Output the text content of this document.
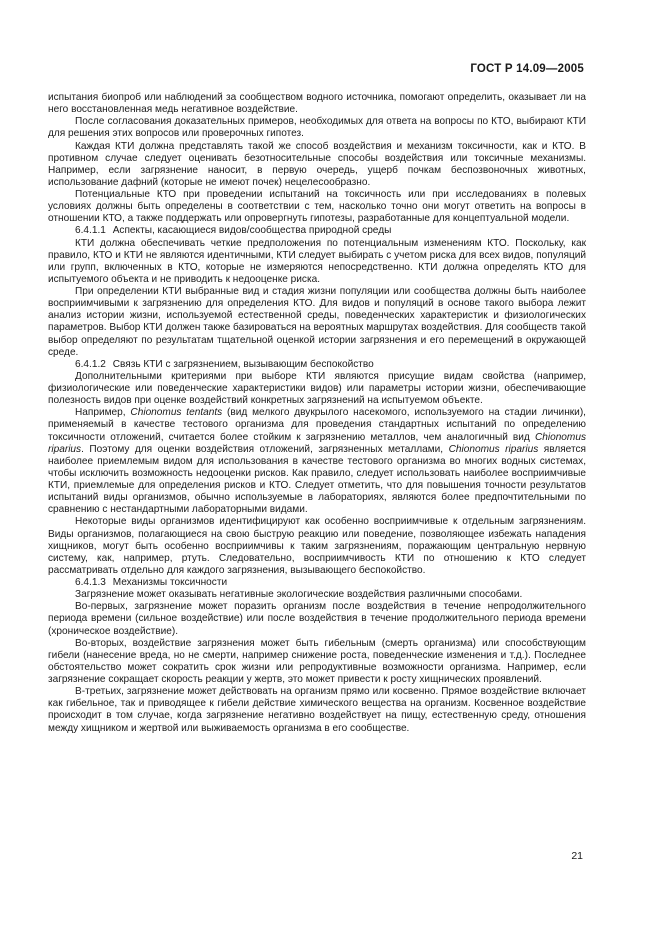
ГОСТ Р 14.09—2005

испытания биопроб или наблюдений за сообществом водного источника, помогают определить, оказывает ли на него восстановленная медь негативное воздействие.

После согласования доказательных примеров, необходимых для ответа на вопросы по КТО, выбирают КТИ для решения этих вопросов или проверочных гипотез.

Каждая КТИ должна представлять такой же способ воздействия и механизм токсичности, как и КТО. В противном случае следует оценивать безотносительные способы воздействия или токсичные механизмы. Например, если загрязнение наносит, в первую очередь, ущерб почкам беспозвоночных животных, использование дафний (которые не имеют почек) нецелесообразно.

Потенциальные КТО при проведении испытаний на токсичность или при исследованиях в полевых условиях должны быть определены в соответствии с тем, насколько точно они могут ответить на вопросы в отношении КТО, а также поддержать или опровергнуть гипотезы, разработанные для концептуальной модели.

6.4.1.1 Аспекты, касающиеся видов/сообщества природной среды

КТИ должна обеспечивать четкие предположения по потенциальным изменениям КТО. Поскольку, как правило, КТО и КТИ не являются идентичными, КТИ следует выбирать с учетом риска для всех видов, популяций или групп, включенных в КТО, которые не измеряются непосредственно. КТИ должна определять КТО для испытуемого объекта и не приводить к недооценке риска.

При определении КТИ выбранные вид и стадия жизни популяции или сообщества должны быть наиболее восприимчивыми к загрязнению для определения КТО. Для видов и популяций в основе такого выбора лежит анализ истории жизни, используемой естественной среды, поведенческих характеристик и физиологических параметров. Выбор КТИ должен также базироваться на вероятных маршрутах воздействия. Для сообществ такой выбор определяют по результатам тщательной оценкой истории загрязнения и его перемещений в окружающей среде.

6.4.1.2 Связь КТИ с загрязнением, вызывающим беспокойство

Дополнительными критериями при выборе КТИ являются присущие видам свойства (например, физиологические или поведенческие характеристики видов) или параметры истории жизни, обеспечивающие полезность видов при оценке воздействий конкретных загрязнений на испытуемом объекте.

Например, Chionomus tentants (вид мелкого двукрылого насекомого, используемого на стадии личинки), применяемый в качестве тестового организма для проведения стандартных испытаний по определению токсичности отложений, считается более стойким к загрязнению металлов, чем аналогичный вид Chionomus riparius. Поэтому для оценки воздействия отложений, загрязненных металлами, Chionomus riparius является наиболее приемлемым видом для использования в качестве тестового организма во многих водных системах, чтобы исключить возможность недооценки рисков. Как правило, следует использовать наиболее восприимчивые КТИ, приемлемые для определения рисков и КТО. Следует отметить, что для повышения точности результатов испытаний виды организмов, обычно используемые в лабораториях, являются более предпочтительными по сравнению с нестандартными лабораторными видами.

Некоторые виды организмов идентифицируют как особенно восприимчивые к отдельным загрязнениям. Виды организмов, полагающиеся на свою быструю реакцию или поведение, позволяющее избежать нападения хищников, могут быть особенно восприимчивы к таким загрязнениям, поражающим центральную нервную систему, как, например, ртуть. Следовательно, восприимчивость КТИ по отношению к КТО следует рассматривать отдельно для каждого загрязнения, вызывающего беспокойство.

6.4.1.3 Механизмы токсичности

Загрязнение может оказывать негативные экологические воздействия различными способами.

Во-первых, загрязнение может поразить организм после воздействия в течение непродолжительного периода времени (сильное воздействие) или после воздействия в течение продолжительного периода времени (хроническое воздействие).

Во-вторых, воздействие загрязнения может быть гибельным (смерть организма) или способствующим гибели (нанесение вреда, но не смерти, например снижение роста, поведенческие изменения и т.д.). Последнее обстоятельство может сократить срок жизни или репродуктивные возможности организма. Например, если загрязнение сокращает скорость реакции у жертв, это может привести к росту хищнических проявлений.

В-третьих, загрязнение может действовать на организм прямо или косвенно. Прямое воздействие включает как гибельное, так и приводящее к гибели действие химического вещества на организм. Косвенное воздействие происходит в том случае, когда загрязнение негативно воздействует на пищу, естественную среду, отношения между хищником и жертвой или выживаемость организма в его сообществе.

21
